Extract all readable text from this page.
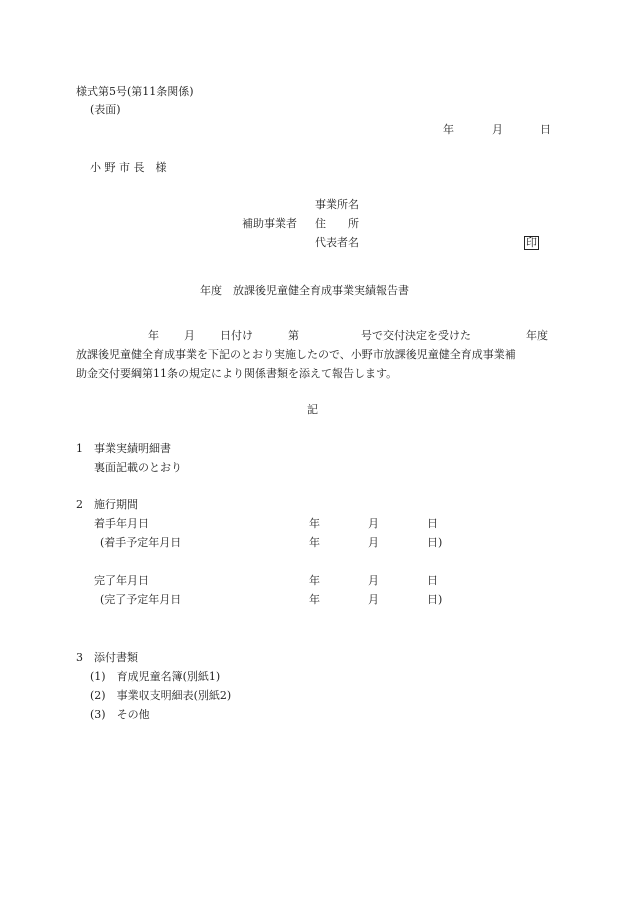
様式第5号(第11条関係)
(表面)
年	月	日
小 野 市 長　様
事業所名
補助事業者 住　　所
代表者名	印
年度　放課後児童健全育成事業実績報告書
年 月 日付け	第	号で交付決定を受けた	年度
放課後児童健全育成事業を下記のとおり実施したので、小野市放課後児童健全育成事業補
助金交付要綱第11条の規定により関係書類を添えて報告します。
記
1　事業実績明細書
裏面記載のとおり
2　施行期間
着手年月日	年	月	日
(着手予定年月日	年	月	日)
完了年月日	年	月	日
(完了予定年月日	年	月	日)
3　添付書類
(1)　育成児童名簿(別紙1)
(2)　事業収支明細表(別紙2)
(3)　その他
